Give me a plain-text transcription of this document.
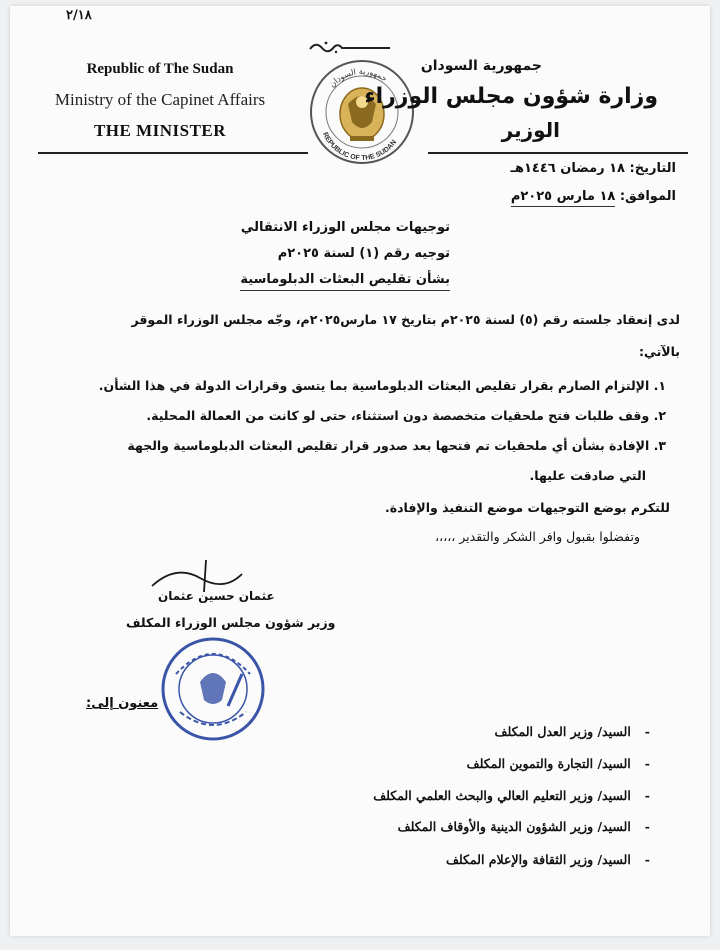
٢/١٨
Republic of The Sudan
Ministry of the Capinet Affairs
THE MINISTER
جمهورية السودان
REPUBLIC OF THE SUDAN
جمهورية السودان
وزارة شؤون مجلس الوزراء
الوزير
التاريخ: ١٨ رمضان ١٤٤٦هـ
الموافق: ١٨ مارس ٢٠٢٥م
توجيهات مجلس الوزراء الانتقالي
توجيه رقم (١) لسنة ٢٠٢٥م
بشأن تقليص البعثات الدبلوماسية
لدى إنعقاد جلسته رقم (٥) لسنة ٢٠٢٥م بتاريخ ١٧ مارس٢٠٢٥م، وجّه مجلس الوزراء الموقر
بالآتي:
١. الإلتزام الصارم بقرار تقليص البعثات الدبلوماسية بما يتسق وقرارات الدولة في هذا الشأن.
٢. وقف طلبات فتح ملحقيات متخصصة دون استثناء، حتى لو كانت من العمالة المحلية.
٣. الإفادة بشأن أي ملحقيات تم فتحها بعد صدور قرار تقليص البعثات الدبلوماسية والجهة
التي صادقت عليها.
للتكرم بوضع التوجيهات موضع التنفيذ والإفادة.
وتفضلوا بقبول وافر الشكر والتقدير ،،،،،
عثمان حسين عثمان
وزير شؤون مجلس الوزراء المكلف
معنون إلى:
-السيد/ وزير العدل المكلف
-السيد/ التجارة والتموين المكلف
-السيد/ وزير التعليم العالي والبحث العلمي المكلف
-السيد/ وزير الشؤون الدينية والأوقاف المكلف
-السيد/ وزير الثقافة والإعلام المكلف
